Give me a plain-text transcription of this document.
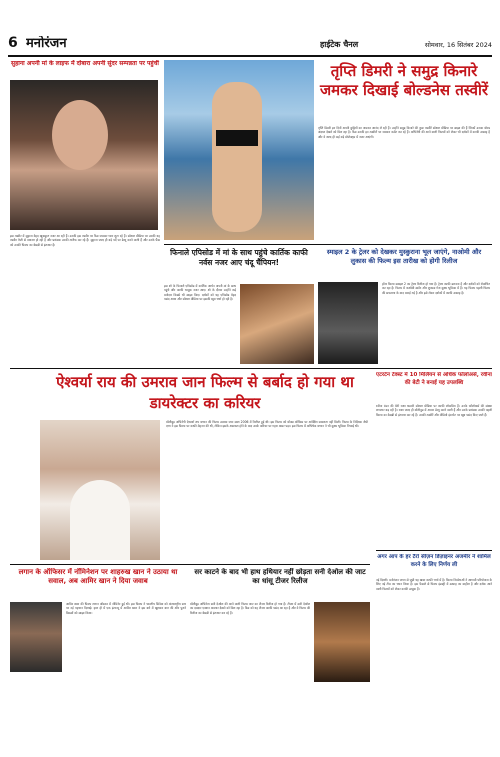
6 मनोरंजन	हाईटेक चैनल	सोमवार, 16 सितंबर 2024
सुहाना अपनी मां के लाइफ में दोबारा अपनी सुंदर सम्पन्नता पर पहुंचीं
इस तस्वीर में सुहाना बेहद खूबसूरत नजर आ रही हैं। उनकी इस तस्वीर पर फैंस जमकर प्यार लुटा रहे हैं। सोशल मीडिया पर उनकी यह तस्वीर तेजी से वायरल हो रही है और प्रशंसक उनकी तारीफ कर रहे हैं। सुहाना जल्द ही बड़े पर्दे पर डेब्यू करने वाली हैं और उनके फैंस को उनकी फिल्म का बेसब्री से इंतजार है।
तृप्ति डिमरी ने समुद्र किनारे जमकर दिखाई बोल्डनेस तस्वीरें
तृप्ति डिमरी इन दिनों अपनी छुट्टियों का जमकर आनंद ले रही हैं। उन्होंने समुद्र किनारे की कुछ तस्वीरें सोशल मीडिया पर साझा की हैं जिनमें उनका बोल्ड अंदाज देखने को मिल रहा है। फैंस उनकी इन तस्वीरों पर जमकर कमेंट कर रहे हैं। अभिनेत्री की आने वाली फिल्मों को लेकर भी दर्शकों में काफी उत्साह है और वे जल्द ही कई बड़े प्रोजेक्ट्स में नजर आएंगी।
फिनाले एपिसोड में मां के साथ पहुंचे कार्तिक काफी नर्वस नजर आए चंदू चैंपियन!
इस शो के फिनाले एपिसोड में कार्तिक आर्यन अपनी मां के साथ पहुंचे और काफी भावुक नजर आए। शो के दौरान उन्होंने कई मजेदार किस्से भी साझा किए। दर्शकों को यह एपिसोड बेहद पसंद आया और सोशल मीडिया पर इसकी खूब चर्चा हो रही है।
स्माइल 2 के ट्रेलर को देखकर मुस्कुराना भूल जाएंगे, नाओमी और लुकास की फिल्म इस तारीख को होगी रिलीज
हॉरर फिल्म स्माइल 2 का ट्रेलर रिलीज हो गया है। ट्रेलर काफी डरावना है और दर्शकों को रोमांचित कर रहा है। फिल्म में नाओमी स्कॉट और लुकास गेज मुख्य भूमिका में हैं। यह फिल्म पहली फिल्म की सफलता के बाद बनाई गई है और इसे लेकर दर्शकों में काफी उत्साह है।
ऐश्वर्या राय की उमराव जान फिल्म से बर्बाद हो गया था डायरेक्टर का करियर
बॉलीवुड अभिनेत्री ऐश्वर्या राय बच्चन की फिल्म उमराव जान साल 2006 में रिलीज हुई थी। इस फिल्म को बॉक्स ऑफिस पर अपेक्षित सफलता नहीं मिली। फिल्म के निर्देशक जेपी दत्ता ने इस फिल्म पर काफी मेहनत की थी, लेकिन इसके असफल होने के बाद उनके करियर पर गहरा असर पड़ा। इस फिल्म में अभिषेक बच्चन ने भी मुख्य भूमिका निभाई थी।
एंटरटेन टेक्स्ट में 10 मिलियन से अधिक फॉलोअर्स, रवीना की बेटी ने बनाई यह उपलब्धि
रवीना टंडन की बेटी राशा थडानी सोशल मीडिया पर काफी लोकप्रिय हैं। उनके फॉलोअर्स की संख्या लगातार बढ़ रही है। राशा जल्द ही बॉलीवुड में अपना डेब्यू करने वाली हैं और उनके प्रशंसक उनकी पहली फिल्म का बेसब्री से इंतजार कर रहे हैं। उनकी तस्वीरें और वीडियो इंटरनेट पर खूब पसंद किए जाते हैं।
अगर आप के हर टैरो सीज़न डिज़ाइनर अजमीर ने शामिल करने के लिए निर्णय ली
नई दिल्ली। मनोरंजन जगत से जुड़ी यह खबर काफी चर्चा में है। फिल्म निर्माताओं ने आगामी परियोजना के लिए नई टीम का चयन किया है। इस फैसले से फिल्म इंडस्ट्री में उत्साह का माहौल है और दर्शक आने वाली फिल्मों को लेकर काफी उत्सुक हैं।
लगान के ऑफिसर में नॉमिनेशन पर शाहरुख खान ने उठाया था सवाल, अब आमिर खान ने दिया जवाब
आमिर खान की फिल्म लगान ऑस्कर में नॉमिनेट हुई थी। इस फिल्म ने भारतीय सिनेमा को अंतरराष्ट्रीय स्तर पर नई पहचान दिलाई। हाल ही में एक इंटरव्यू में आमिर खान ने इस बारे में खुलकर बात की और पुराने किस्सों को साझा किया।
सर काटने के बाद भी हाथ हथियार नहीं छोड़ता सनी देओल की जाट का धांसू टीजर रिलीज
बॉलीवुड अभिनेता सनी देओल की आने वाली फिल्म जाट का टीजर रिलीज हो गया है। टीजर में सनी देओल का दमदार एक्शन अवतार देखने को मिल रहा है। फैंस को यह टीजर काफी पसंद आ रहा है और वे फिल्म की रिलीज का बेसब्री से इंतजार कर रहे हैं।
